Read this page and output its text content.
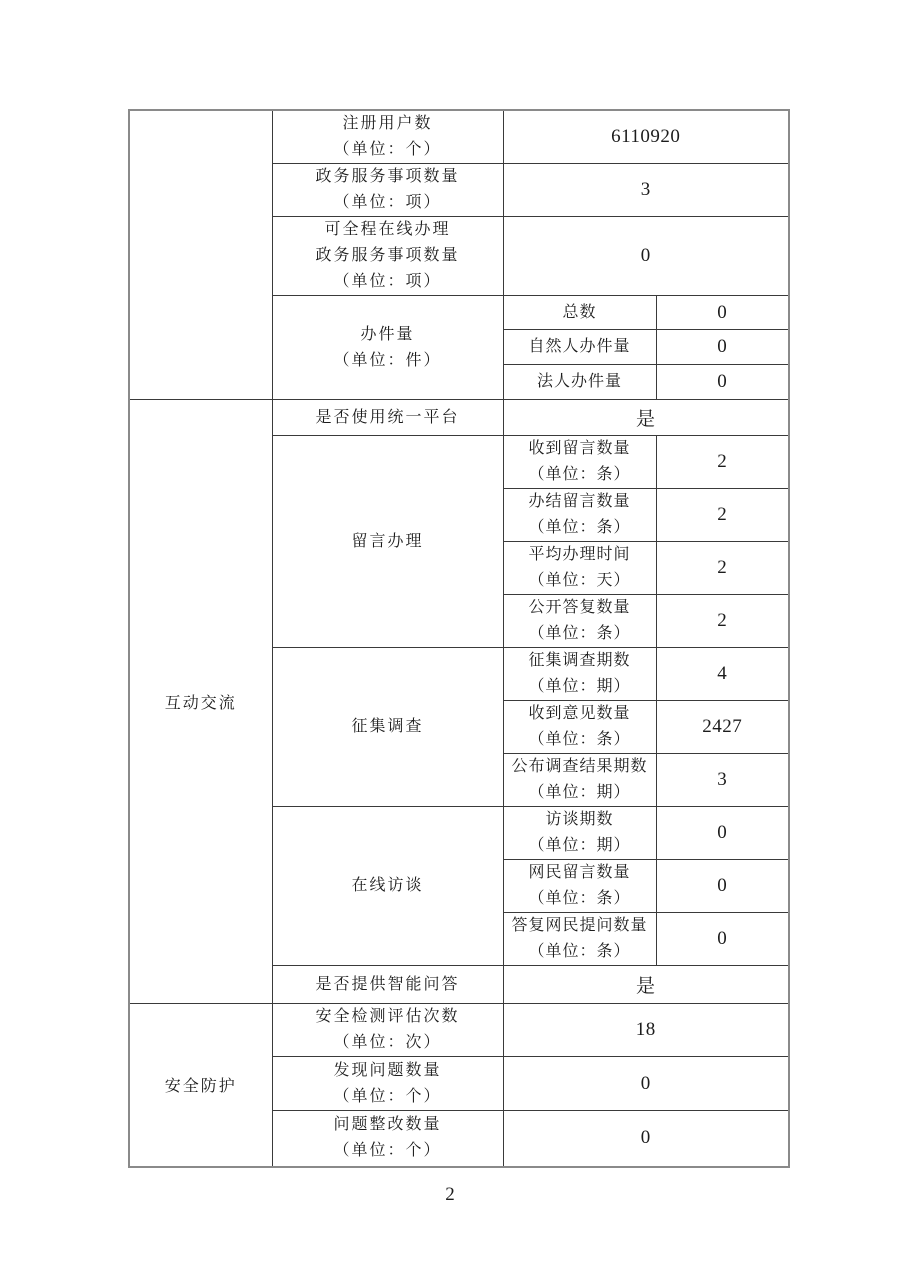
	注册用户数
（单位：个）	6110920	

	政务服务事项数量
（单位：项）	3	

	可全程在线办理
政务服务事项数量
（单位：项）	0	

	办件量
（单位：件）	总数	0

		自然人办件量	0

		法人办件量	0
互动交流	是否使用统一平台	是	

	留言办理	收到留言数量
（单位：条）	2

		办结留言数量
（单位：条）	2

		平均办理时间
（单位：天）	2

		公开答复数量
（单位：条）	2

	征集调查	征集调查期数
（单位：期）	4

		收到意见数量
（单位：条）	2427

		公布调查结果期数
（单位：期）	3

	在线访谈	访谈期数
（单位：期）	0

		网民留言数量
（单位：条）	0

		答复网民提问数量
（单位：条）	0

	是否提供智能问答	是	
安全防护	安全检测评估次数
（单位：次）	18	

	发现问题数量
（单位：个）	0	

	问题整改数量
（单位：个）	0	
2
